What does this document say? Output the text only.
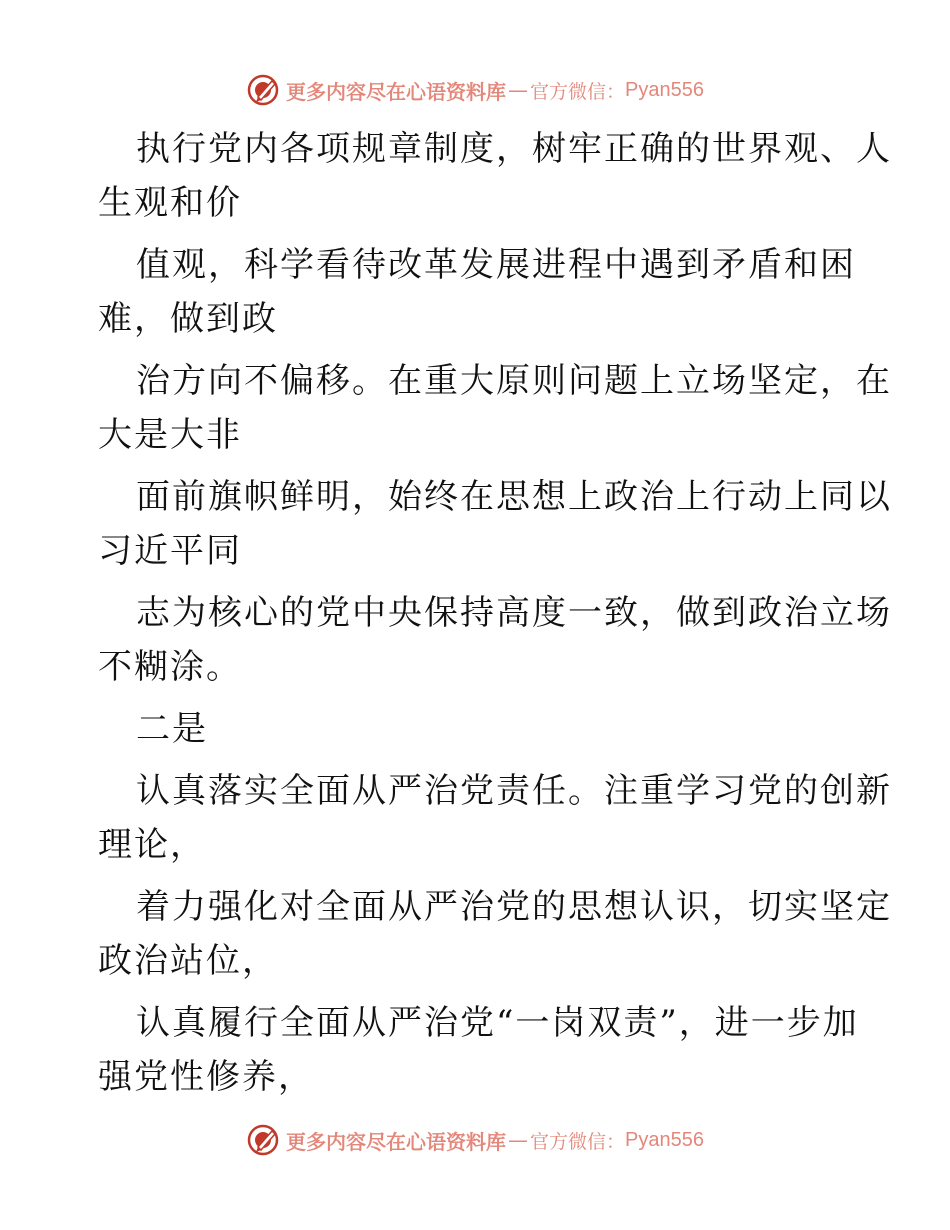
更多内容尽在心语资料库 — 官方微信： Pyan556
执行党内各项规章制度，树牢正确的世界观、人
生观和价
值观，科学看待改革发展进程中遇到矛盾和困
难，做到政
治方向不偏移。在重大原则问题上立场坚定，在
大是大非
面前旗帜鲜明，始终在思想上政治上行动上同以
习近平同
志为核心的党中央保持高度一致，做到政治立场
不糊涂。
二是
认真落实全面从严治党责任。注重学习党的创新
理论，
着力强化对全面从严治党的思想认识，切实坚定
政治站位，
认真履行全面从严治党“一岗双责”，进一步加
强党性修养，
更多内容尽在心语资料库 — 官方微信： Pyan556
